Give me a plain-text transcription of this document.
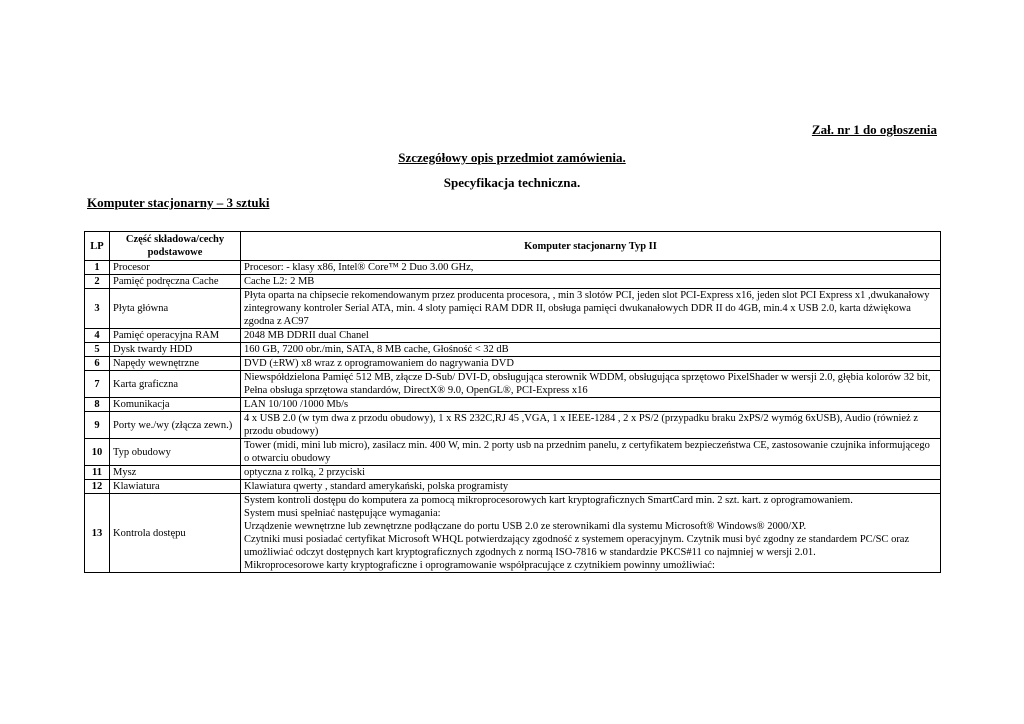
Zał. nr 1 do ogłoszenia
Szczegółowy opis przedmiot zamówienia.
Specyfikacja techniczna.
Komputer stacjonarny – 3 sztuki
LP	Część składowa/cechy podstawowe	Komputer stacjonarny Typ II
1	Procesor	Procesor: - klasy x86, Intel® Core™ 2 Duo 3.00 GHz,
2	Pamięć podręczna Cache	Cache L2: 2 MB
3	Płyta główna	Płyta oparta na chipsecie rekomendowanym przez producenta procesora, , min 3 slotów PCI, jeden slot PCI-Express x16, jeden slot PCI Express x1 ,dwukanałowy zintegrowany kontroler Serial ATA, min. 4 sloty pamięci RAM DDR II, obsługa pamięci dwukanałowych DDR II do 4GB, min.4 x USB 2.0, karta dźwiękowa zgodna z AC97
4	Pamięć operacyjna RAM	2048 MB DDRII dual Chanel
5	Dysk twardy HDD	160 GB, 7200 obr./min, SATA, 8 MB cache, Głośność < 32 dB
6	Napędy wewnętrzne	DVD (±RW) x8 wraz z oprogramowaniem do nagrywania DVD
7	Karta graficzna	Niewspółdzielona Pamięć 512 MB, złącze D-Sub/ DVI-D, obsługująca sterownik WDDM, obsługująca sprzętowo PixelShader w wersji 2.0, głębia kolorów 32 bit, Pełna obsługa sprzętowa standardów, DirectX® 9.0, OpenGL®, PCI-Express x16
8	Komunikacja	LAN 10/100 /1000 Mb/s
9	Porty we./wy (złącza zewn.)	4 x USB 2.0 (w tym dwa z przodu obudowy), 1 x RS 232C,RJ 45 ,VGA, 1 x IEEE-1284 , 2 x PS/2 (przypadku braku 2xPS/2 wymóg 6xUSB), Audio (również z przodu obudowy)
10	Typ obudowy	Tower (midi, mini lub micro), zasilacz min. 400 W, min. 2 porty usb na przednim panelu, z certyfikatem bezpieczeństwa CE, zastosowanie czujnika informującego o otwarciu obudowy
11	Mysz	optyczna z rolką, 2 przyciski
12	Klawiatura	Klawiatura qwerty , standard amerykański, polska programisty
13	Kontrola dostępu	System kontroli dostępu do komputera za pomocą mikroprocesorowych kart kryptograficznych SmartCard min. 2 szt. kart. z oprogramowaniem.
System musi spełniać następujące wymagania:
Urządzenie wewnętrzne lub zewnętrzne podłączane do portu USB 2.0 ze sterownikami dla systemu Microsoft® Windows® 2000/XP.
Czytniki musi posiadać certyfikat Microsoft WHQL potwierdzający zgodność z systemem operacyjnym. Czytnik musi być zgodny ze standardem PC/SC oraz umożliwiać odczyt dostępnych kart kryptograficznych zgodnych z normą ISO-7816 w standardzie PKCS#11 co najmniej w wersji 2.01.
Mikroprocesorowe karty kryptograficzne i oprogramowanie współpracujące z czytnikiem powinny umożliwiać:
